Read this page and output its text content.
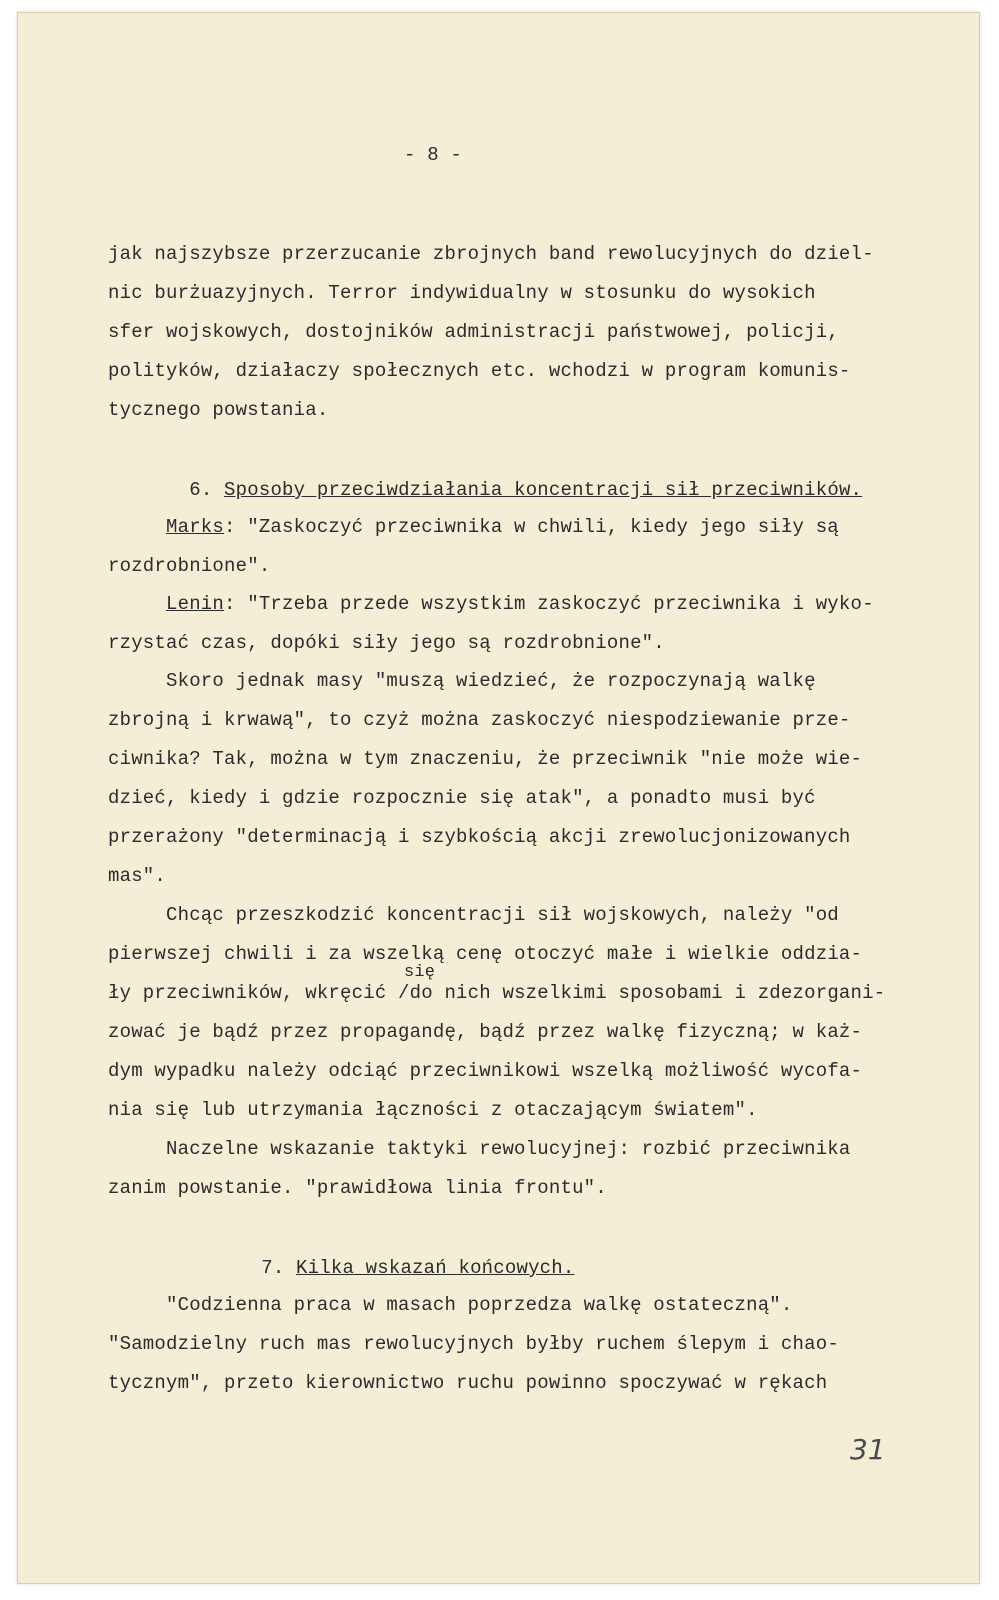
- 8 -
jak najszybsze przerzucanie zbrojnych band rewolucyjnych do dziel-
nic burżuazyjnych. Terror indywidualny w stosunku do wysokich
sfer wojskowych, dostojników administracji państwowej, policji,
polityków, działaczy społecznych etc. wchodzi w program komunis-
tycznego powstania.

6. Sposoby przeciwdziałania koncentracji sił przeciwników.

Marks: "Zaskoczyć przeciwnika w chwili, kiedy jego siły są
rozdrobnione".
Lenin: "Trzeba przede wszystkim zaskoczyć przeciwnika i wyko-
rzystać czas, dopóki siły jego są rozdrobnione".
Skoro jednak masy "muszą wiedzieć, że rozpoczynają walkę
zbrojną i krwawą", to czyż można zaskoczyć niespodziewanie prze-
ciwnika? Tak, można w tym znaczeniu, że przeciwnik "nie może wie-
dzieć, kiedy i gdzie rozpocznie się atak", a ponadto musi być
przerażony "determinacją i szybkością akcji zrewolucjonizowanych
mas".
Chcąc przeszkodzić koncentracji sił wojskowych, należy "od
pierwszej chwili i za wszelką cenę otoczyć małe i wielkie oddzia-
się
ły przeciwników, wkręcić /do nich wszelkimi sposobami i zdezorgani-
zować je bądź przez propagandę, bądź przez walkę fizyczną; w każ-
dym wypadku należy odciąć przeciwnikowi wszelką możliwość wycofa-
nia się lub utrzymania łączności z otaczającym światem".
Naczelne wskazanie taktyki rewolucyjnej: rozbić przeciwnika
zanim powstanie. "prawidłowa linia frontu".

7. Kilka wskazań końcowych.

"Codzienna praca w masach poprzedza walkę ostateczną".
"Samodzielny ruch mas rewolucyjnych byłby ruchem ślepym i chao-
tycznym", przeto kierownictwo ruchu powinno spoczywać w rękach
31
